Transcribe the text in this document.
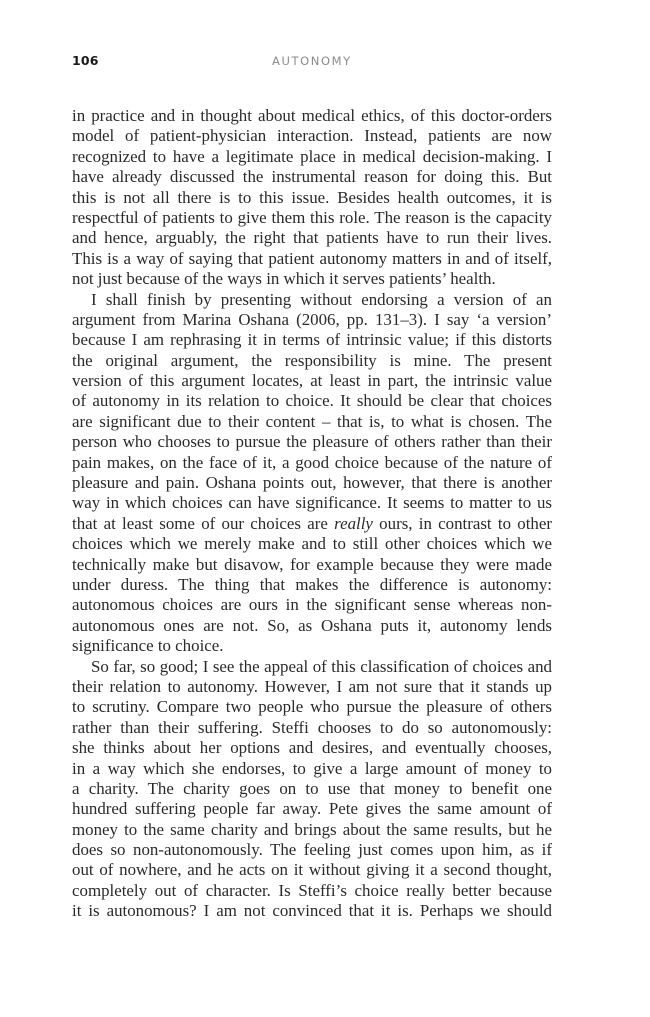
106	AUTONOMY
in practice and in thought about medical ethics, of this doctor-orders
model of patient-physician interaction. Instead, patients are now
recognized to have a legitimate place in medical decision-making. I
have already discussed the instrumental reason for doing this. But
this is not all there is to this issue. Besides health outcomes, it is
respectful of patients to give them this role. The reason is the capacity
and hence, arguably, the right that patients have to run their lives.
This is a way of saying that patient autonomy matters in and of itself,
not just because of the ways in which it serves patients’ health.
I shall finish by presenting without endorsing a version of an
argument from Marina Oshana (2006, pp. 131–3). I say ‘a version’
because I am rephrasing it in terms of intrinsic value; if this distorts
the original argument, the responsibility is mine. The present
version of this argument locates, at least in part, the intrinsic value
of autonomy in its relation to choice. It should be clear that choices
are significant due to their content – that is, to what is chosen. The
person who chooses to pursue the pleasure of others rather than their
pain makes, on the face of it, a good choice because of the nature of
pleasure and pain. Oshana points out, however, that there is another
way in which choices can have significance. It seems to matter to us
that at least some of our choices are really ours, in contrast to other
choices which we merely make and to still other choices which we
technically make but disavow, for example because they were made
under duress. The thing that makes the difference is autonomy:
autonomous choices are ours in the significant sense whereas non-
autonomous ones are not. So, as Oshana puts it, autonomy lends
significance to choice.
So far, so good; I see the appeal of this classification of choices and
their relation to autonomy. However, I am not sure that it stands up
to scrutiny. Compare two people who pursue the pleasure of others
rather than their suffering. Steffi chooses to do so autonomously:
she thinks about her options and desires, and eventually chooses,
in a way which she endorses, to give a large amount of money to
a charity. The charity goes on to use that money to benefit one
hundred suffering people far away. Pete gives the same amount of
money to the same charity and brings about the same results, but he
does so non-autonomously. The feeling just comes upon him, as if
out of nowhere, and he acts on it without giving it a second thought,
completely out of character. Is Steffi’s choice really better because
it is autonomous? I am not convinced that it is. Perhaps we should
